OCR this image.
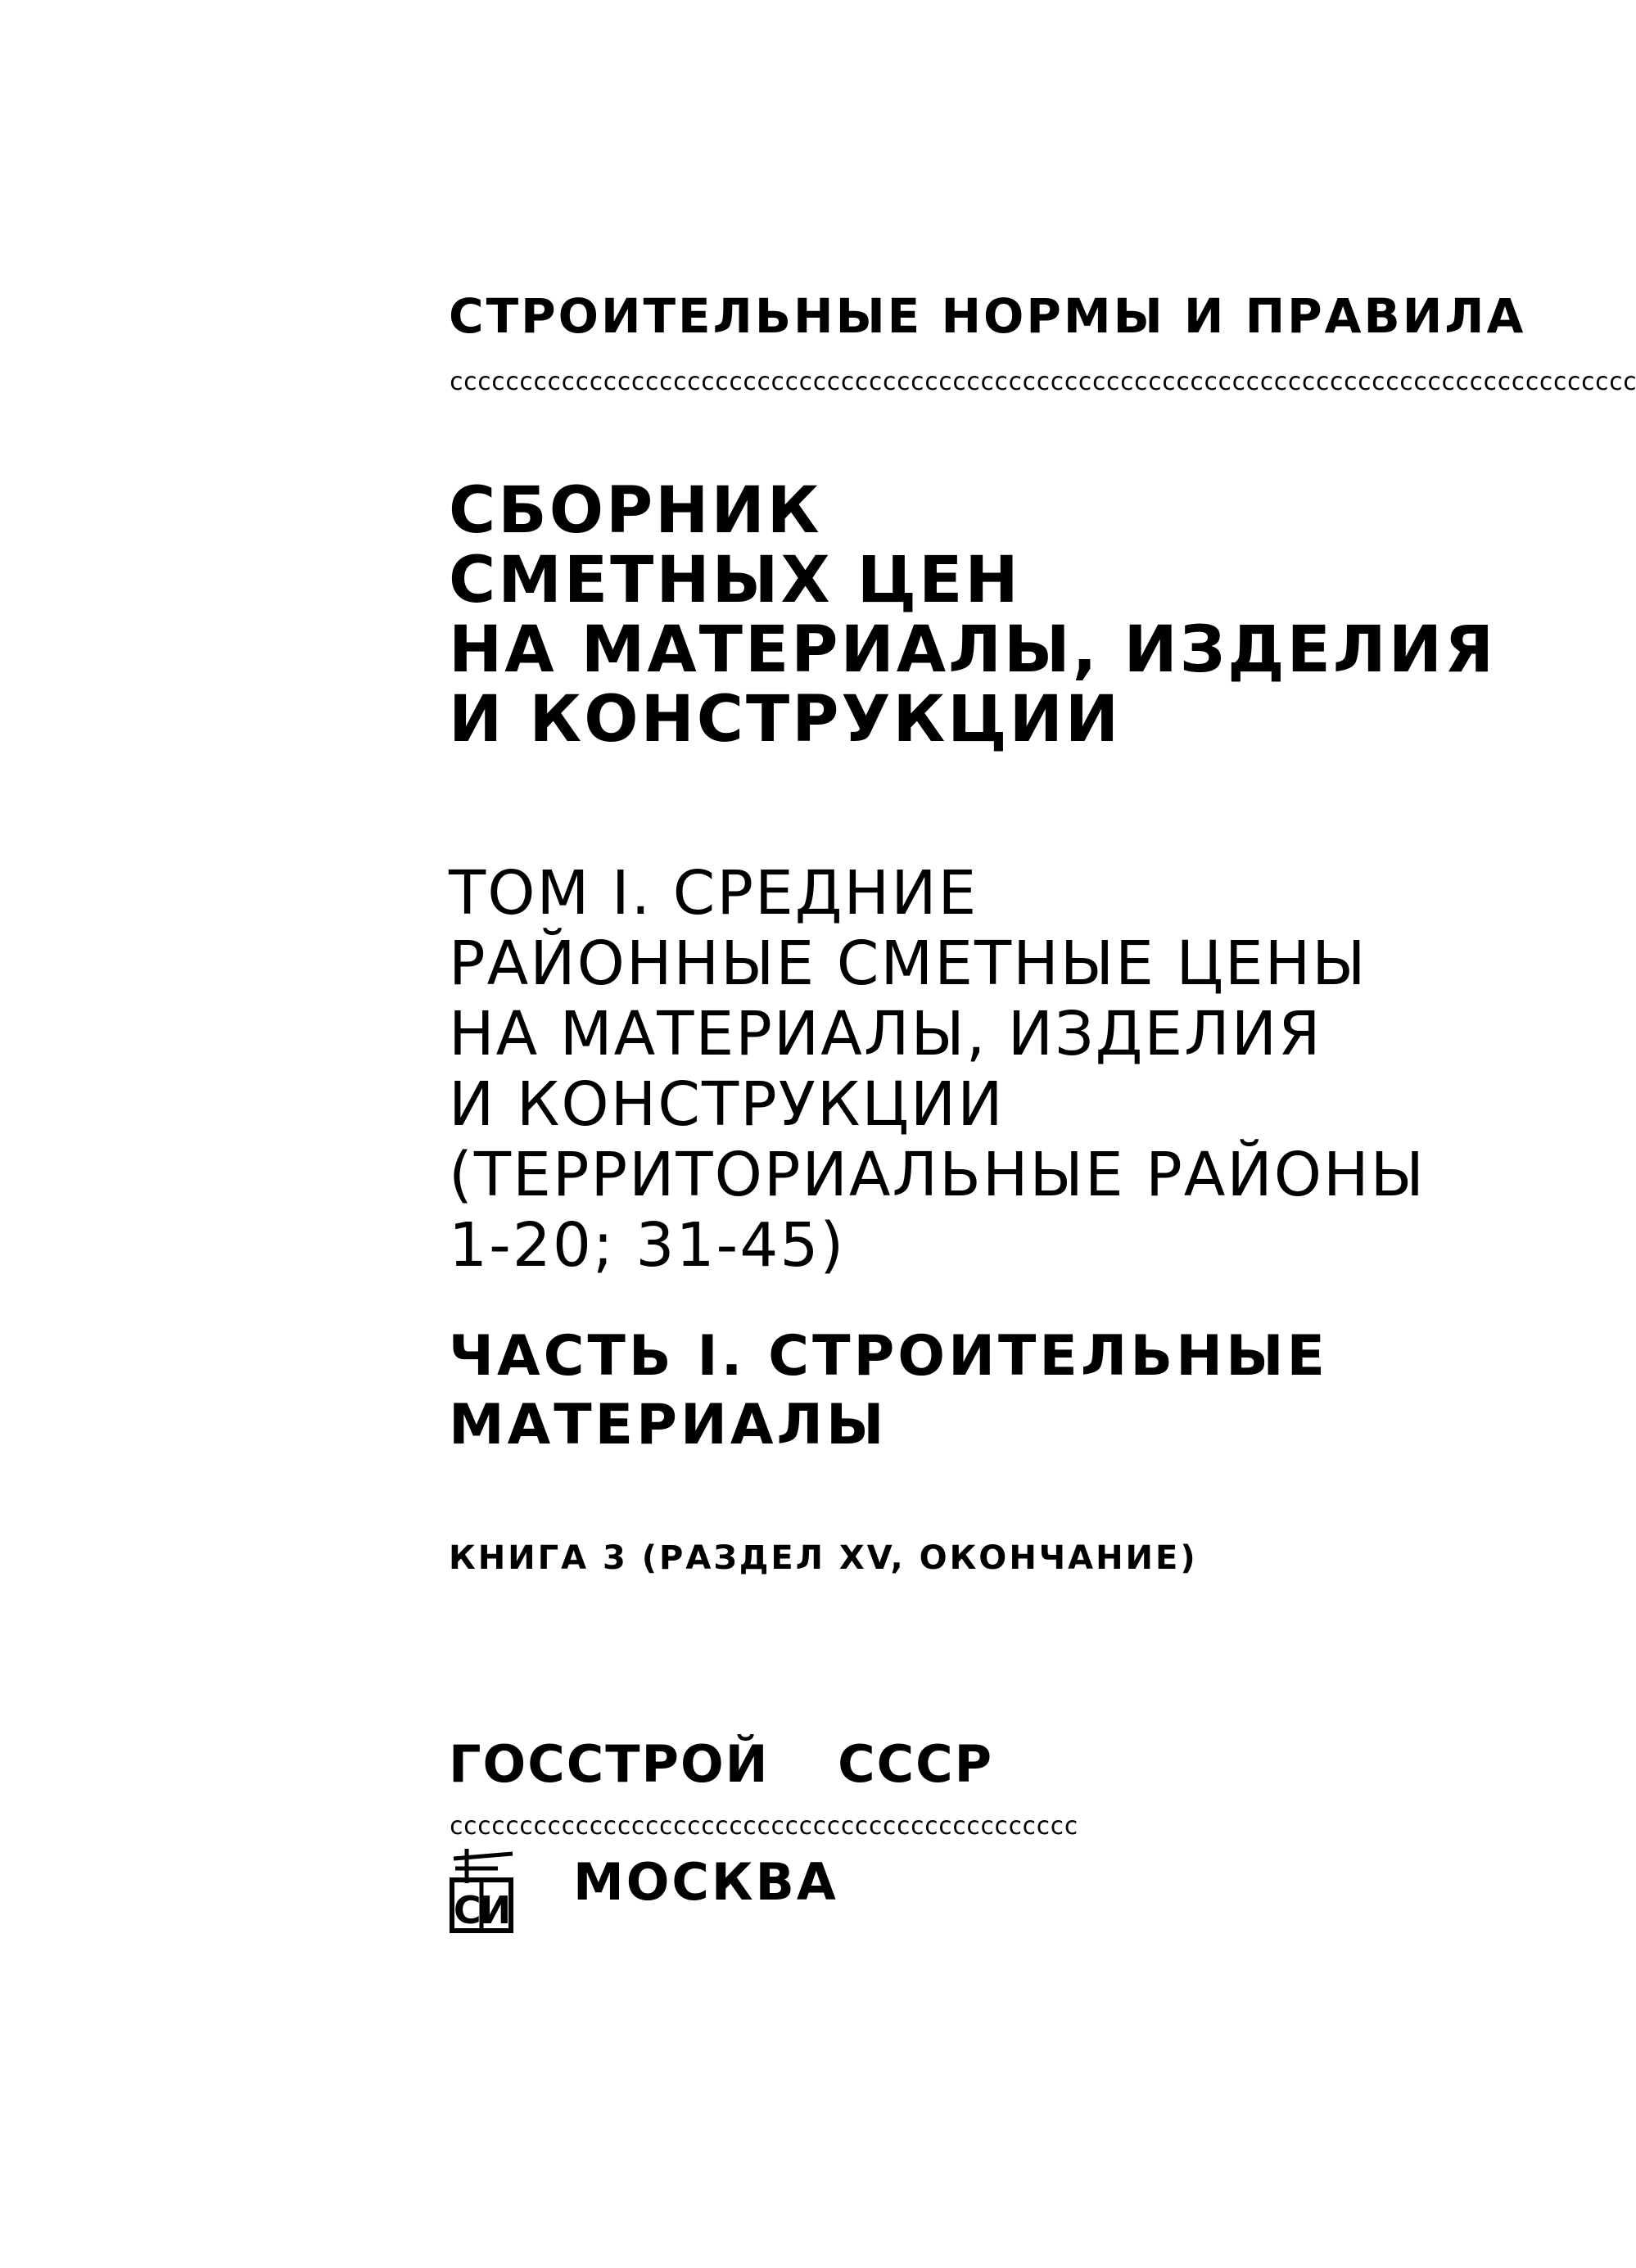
СТРОИТЕЛЬНЫЕ НОРМЫ И ПРАВИЛА
ccccccccccccccccccccccccccccccccccccccccccccccccccccccccccccccccccccccccccccccccccccc
СБОРНИК
СМЕТНЫХ ЦЕН
НА МАТЕРИАЛЫ, ИЗДЕЛИЯ
И КОНСТРУКЦИИ
ТОМ I. СРЕДНИЕ
РАЙОННЫЕ СМЕТНЫЕ ЦЕНЫ
НА МАТЕРИАЛЫ, ИЗДЕЛИЯ
И КОНСТРУКЦИИ
(ТЕРРИТОРИАЛЬНЫЕ РАЙОНЫ
1-20; 31-45)
ЧАСТЬ I. СТРОИТЕЛЬНЫЕ
МАТЕРИАЛЫ
КНИГА 3 (РАЗДЕЛ XV, ОКОНЧАНИЕ)
ГОССТРОЙ СССР
ccccccccccccccccccccccccccccccccccccccccccccc
СИ МОСКВА
